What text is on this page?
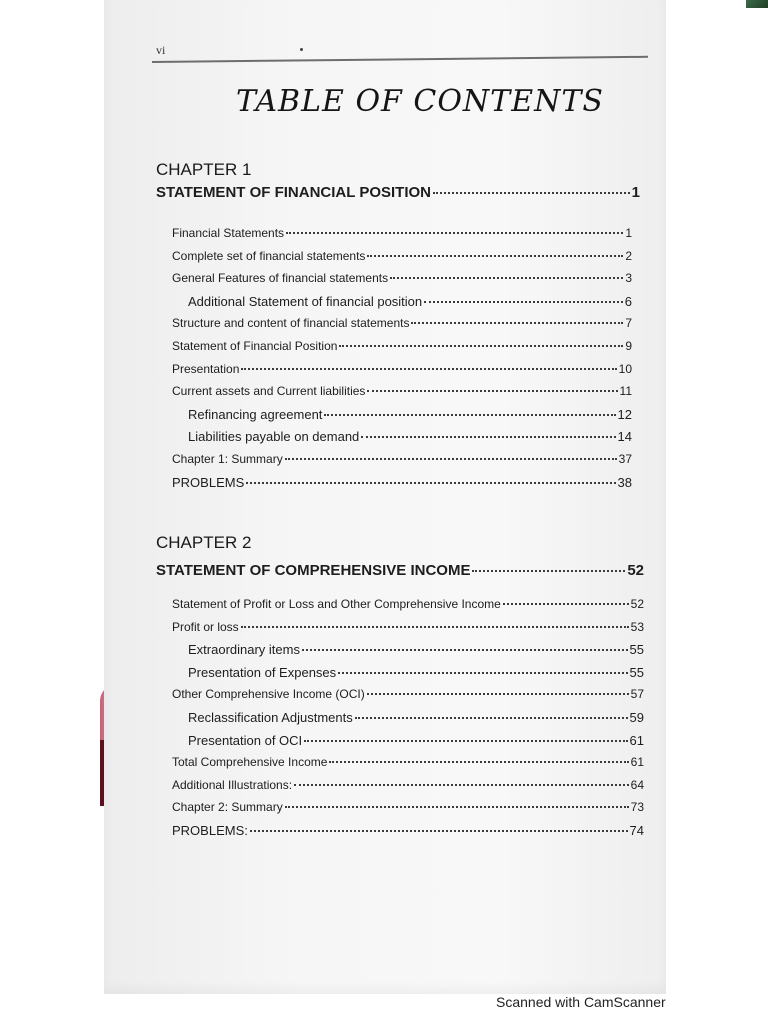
vi
TABLE OF CONTENTS
CHAPTER 1
CHAPTER 2
STATEMENT OF FINANCIAL POSITION	1
Financial Statements	1
Complete set of financial statements	2
General Features of financial statements	3
Additional Statement of financial position	6
Structure and content of financial statements	7
Statement of Financial Position	9
Presentation	10
Current assets and Current liabilities	11
Refinancing agreement	12
Liabilities payable on demand	14
Chapter 1: Summary	37
PROBLEMS	38
STATEMENT OF COMPREHENSIVE INCOME	52
Statement of Profit or Loss and Other Comprehensive Income	52
Profit or loss	53
Extraordinary items	55
Presentation of Expenses	55
Other Comprehensive Income (OCI)	57
Reclassification Adjustments	59
Presentation of OCI	61
Total Comprehensive Income	61
Additional Illustrations:	64
Chapter 2: Summary	73
PROBLEMS:	74
Scanned with CamScanner
